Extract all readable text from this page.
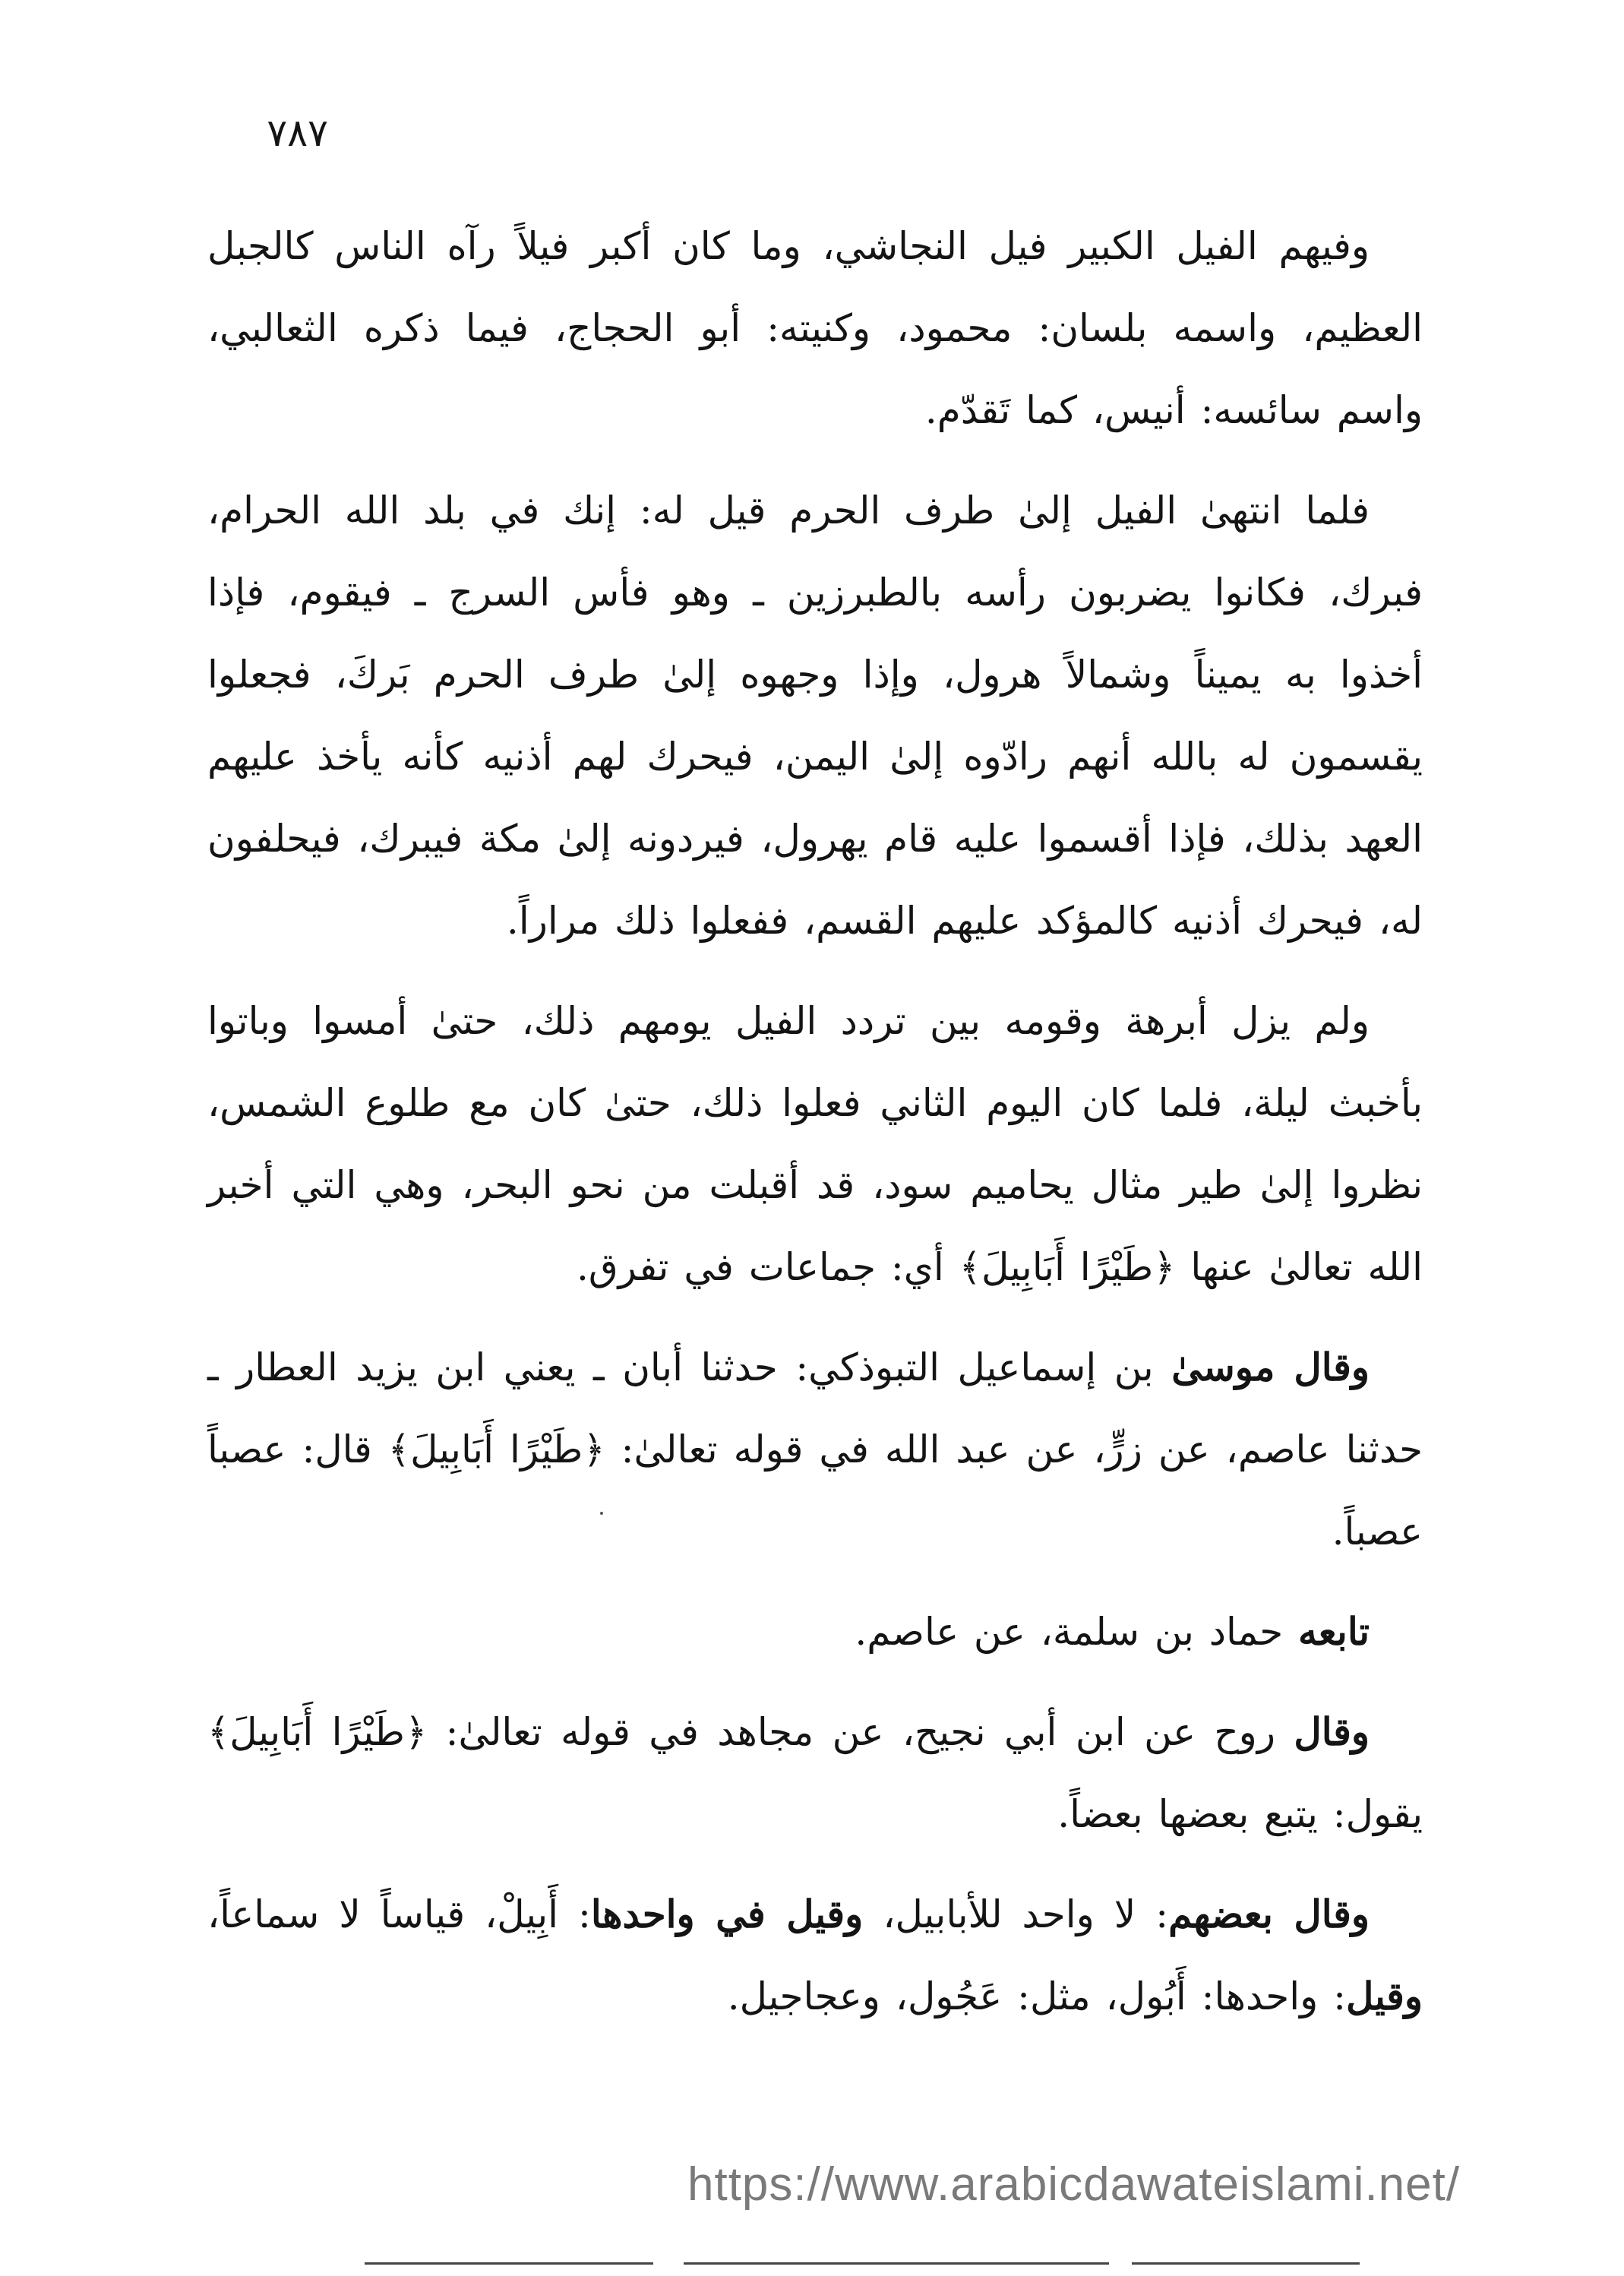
٧٨٧

وفيهم الفيل الكبير فيل النجاشي، وما كان أكبر فيلاً رآه الناس كالجبل العظيم، واسمه بلسان: محمود، وكنيته: أبو الحجاج، فيما ذكره الثعالبي، واسم سائسه: أنيس، كما تَقدّم.

فلما انتهىٰ الفيل إلىٰ طرف الحرم قيل له: إنك في بلد الله الحرام، فبرك، فكانوا يضربون رأسه بالطبرزين ـ وهو فأس السرج ـ فيقوم، فإذا أخذوا به يميناً وشمالاً هرول، وإذا وجهوه إلىٰ طرف الحرم بَركَ، فجعلوا يقسمون له بالله أنهم رادّوه إلىٰ اليمن، فيحرك لهم أذنيه كأنه يأخذ عليهم العهد بذلك، فإذا أقسموا عليه قام يهرول، فيردونه إلىٰ مكة فيبرك، فيحلفون له، فيحرك أذنيه كالمؤكد عليهم القسم، ففعلوا ذلك مراراً.

ولم يزل أبرهة وقومه بين تردد الفيل يومهم ذلك، حتىٰ أمسوا وباتوا بأخبث ليلة، فلما كان اليوم الثاني فعلوا ذلك، حتىٰ كان مع طلوع الشمس، نظروا إلىٰ طير مثال يحاميم سود، قد أقبلت من نحو البحر، وهي التي أخبر الله تعالىٰ عنها ﴿طَيْرًا أَبَابِيلَ﴾ أي: جماعات في تفرق.

وقال موسىٰ بن إسماعيل التبوذكي: حدثنا أبان ـ يعني ابن يزيد العطار ـ حدثنا عاصم، عن زرٍّ، عن عبد الله في قوله تعالىٰ: ﴿طَيْرًا أَبَابِيلَ﴾ قال: عصباً عصباً.

تابعه حماد بن سلمة، عن عاصم.

وقال روح عن ابن أبي نجيح، عن مجاهد في قوله تعالىٰ: ﴿طَيْرًا أَبَابِيلَ﴾ يقول: يتبع بعضها بعضاً.

وقال بعضهم: لا واحد للأبابيل، وقيل في واحدها: أَبِيلْ، قياساً لا سماعاً، وقيل: واحدها: أَبُول، مثل: عَجُول، وعجاجيل.

https://www.arabicdawateislami.net/
